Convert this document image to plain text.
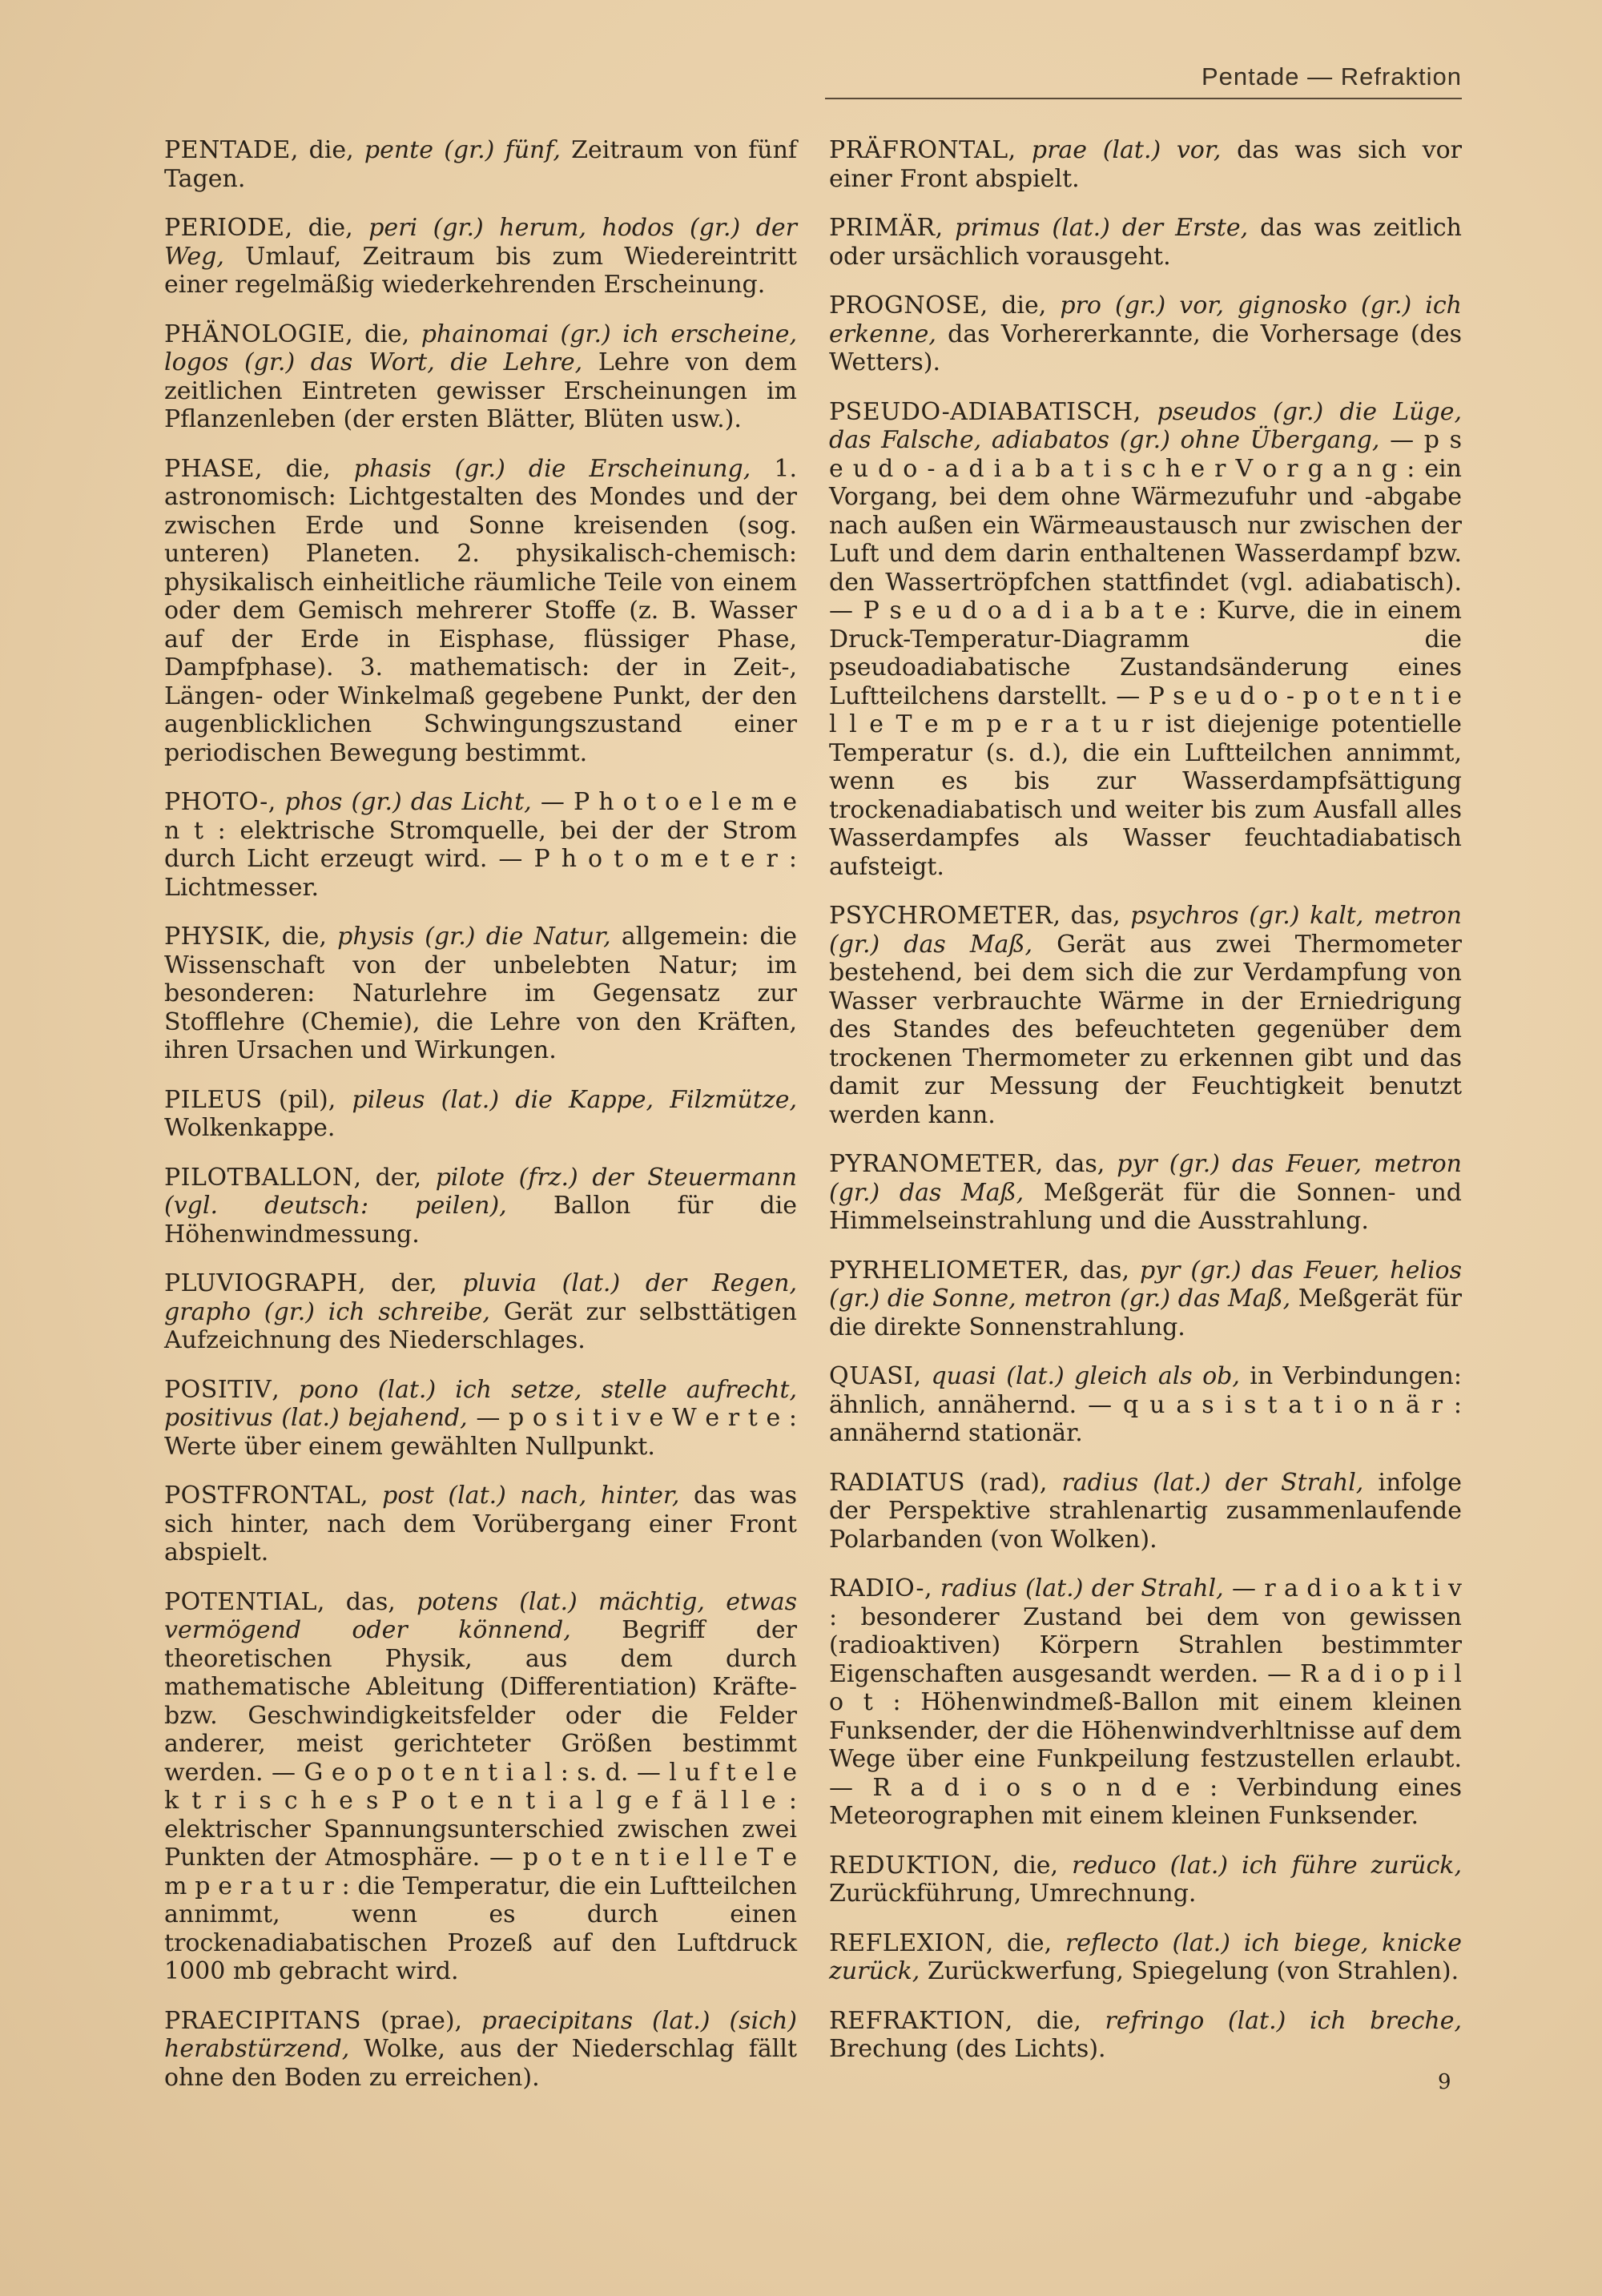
Pentade — Refraktion

PENTADE, die, pente (gr.) fünf, Zeitraum von fünf Tagen.

PERIODE, die, peri (gr.) herum, hodos (gr.) der Weg, Umlauf, Zeitraum bis zum Wiedereintritt einer regelmäßig wiederkehrenden Erscheinung.

PHÄNOLOGIE, die, phainomai (gr.) ich erscheine, logos (gr.) das Wort, die Lehre, Lehre von dem zeitlichen Eintreten gewisser Erscheinungen im Pflanzenleben (der ersten Blätter, Blüten usw.).

PHASE, die, phasis (gr.) die Erscheinung, 1. astronomisch: Lichtgestalten des Mondes und der zwischen Erde und Sonne kreisenden (sog. unteren) Planeten. 2. physikalisch-chemisch: physikalisch einheitliche räumliche Teile von einem oder dem Gemisch mehrerer Stoffe (z. B. Wasser auf der Erde in Eisphase, flüssiger Phase, Dampfphase). 3. mathematisch: der in Zeit-, Längen- oder Winkelmaß gegebene Punkt, der den augenblicklichen Schwingungszustand einer periodischen Bewegung bestimmt.

PHOTO-, phos (gr.) das Licht, — P h o t o e l e m e n t : elektrische Stromquelle, bei der der Strom durch Licht erzeugt wird. — P h o t o m e t e r : Lichtmesser.

PHYSIK, die, physis (gr.) die Natur, allgemein: die Wissenschaft von der unbelebten Natur; im besonderen: Naturlehre im Gegensatz zur Stofflehre (Chemie), die Lehre von den Kräften, ihren Ursachen und Wirkungen.

PILEUS (pil), pileus (lat.) die Kappe, Filzmütze, Wolkenkappe.

PILOTBALLON, der, pilote (frz.) der Steuermann (vgl. deutsch: peilen), Ballon für die Höhenwindmessung.

PLUVIOGRAPH, der, pluvia (lat.) der Regen, grapho (gr.) ich schreibe, Gerät zur selbsttätigen Aufzeichnung des Niederschlages.

POSITIV, pono (lat.) ich setze, stelle aufrecht, positivus (lat.) bejahend, — p o s i t i v e W e r t e : Werte über einem gewählten Nullpunkt.

POSTFRONTAL, post (lat.) nach, hinter, das was sich hinter, nach dem Vorübergang einer Front abspielt.

POTENTIAL, das, potens (lat.) mächtig, etwas vermögend oder könnend, Begriff der theoretischen Physik, aus dem durch mathematische Ableitung (Differentiation) Kräfte- bzw. Geschwindigkeitsfelder oder die Felder anderer, meist gerichteter Größen bestimmt werden. — G e o p o t e n t i a l : s. d. — l u f t e l e k t r i s c h e s P o t e n t i a l g e f ä l l e : elektrischer Spannungsunterschied zwischen zwei Punkten der Atmosphäre. — p o t e n t i e l l e T e m p e r a t u r : die Temperatur, die ein Luftteilchen annimmt, wenn es durch einen trockenadiabatischen Prozeß auf den Luftdruck 1000 mb gebracht wird.

PRAECIPITANS (prae), praecipitans (lat.) (sich) herabstürzend, Wolke, aus der Niederschlag fällt ohne den Boden zu erreichen).

PRÄFRONTAL, prae (lat.) vor, das was sich vor einer Front abspielt.

PRIMÄR, primus (lat.) der Erste, das was zeitlich oder ursächlich vorausgeht.

PROGNOSE, die, pro (gr.) vor, gignosko (gr.) ich erkenne, das Vorhererkannte, die Vorhersage (des Wetters).

PSEUDO-ADIABATISCH, pseudos (gr.) die Lüge, das Falsche, adiabatos (gr.) ohne Übergang, — p s e u d o - a d i a b a t i s c h e r V o r g a n g : ein Vorgang, bei dem ohne Wärmezufuhr und -abgabe nach außen ein Wärmeaustausch nur zwischen der Luft und dem darin enthaltenen Wasserdampf bzw. den Wassertröpfchen stattfindet (vgl. adiabatisch). — P s e u d o a d i a b a t e : Kurve, die in einem Druck-Temperatur-Diagramm die pseudoadiabatische Zustandsänderung eines Luftteilchens darstellt. — P s e u d o - p o t e n t i e l l e T e m p e r a t u r ist diejenige potentielle Temperatur (s. d.), die ein Luftteilchen annimmt, wenn es bis zur Wasserdampfsättigung trockenadiabatisch und weiter bis zum Ausfall alles Wasserdampfes als Wasser feuchtadiabatisch aufsteigt.

PSYCHROMETER, das, psychros (gr.) kalt, metron (gr.) das Maß, Gerät aus zwei Thermometer bestehend, bei dem sich die zur Verdampfung von Wasser verbrauchte Wärme in der Erniedrigung des Standes des befeuchteten gegenüber dem trockenen Thermometer zu erkennen gibt und das damit zur Messung der Feuchtigkeit benutzt werden kann.

PYRANOMETER, das, pyr (gr.) das Feuer, metron (gr.) das Maß, Meßgerät für die Sonnen- und Himmelseinstrahlung und die Ausstrahlung.

PYRHELIOMETER, das, pyr (gr.) das Feuer, helios (gr.) die Sonne, metron (gr.) das Maß, Meßgerät für die direkte Sonnenstrahlung.

QUASI, quasi (lat.) gleich als ob, in Verbindungen: ähnlich, annähernd. — q u a s i s t a t i o n ä r : annähernd stationär.

RADIATUS (rad), radius (lat.) der Strahl, infolge der Perspektive strahlenartig zusammenlaufende Polarbanden (von Wolken).

RADIO-, radius (lat.) der Strahl, — r a d i o a k t i v : besonderer Zustand bei dem von gewissen (radioaktiven) Körpern Strahlen bestimmter Eigenschaften ausgesandt werden. — R a d i o p i l o t : Höhenwindmeß-Ballon mit einem kleinen Funksender, der die Höhenwindverhltnisse auf dem Wege über eine Funkpeilung festzustellen erlaubt. — R a d i o s o n d e : Verbindung eines Meteorographen mit einem kleinen Funksender.

REDUKTION, die, reduco (lat.) ich führe zurück, Zurückführung, Umrechnung.

REFLEXION, die, reflecto (lat.) ich biege, knicke zurück, Zurückwerfung, Spiegelung (von Strahlen).

REFRAKTION, die, refringo (lat.) ich breche, Brechung (des Lichts).

9
